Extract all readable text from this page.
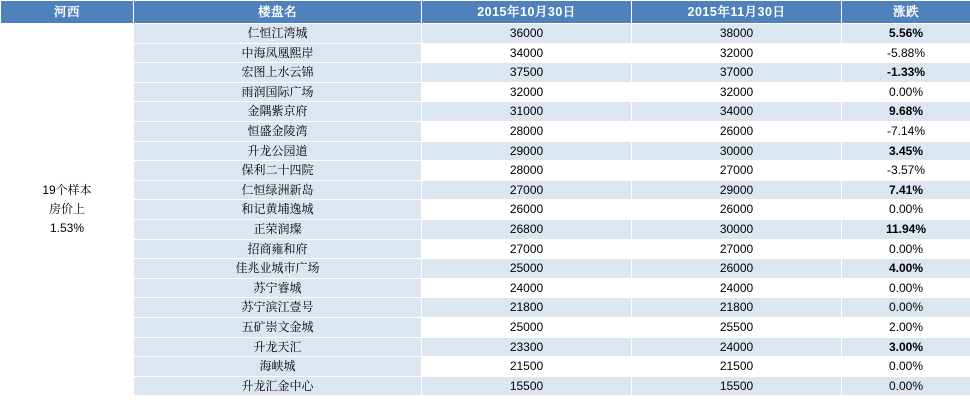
河西	楼盘名	2015年10月30日	2015年11月30日	涨跌

19个样本
房价上
1.53%	仁恒江湾城	36000	38000	5.56%
	中海凤凰熙岸	34000	32000	-5.88%
	宏图上水云锦	37500	37000	-1.33%
	雨润国际广场	32000	32000	0.00%
	金隅紫京府	31000	34000	9.68%
	恒盛金陵湾	28000	26000	-7.14%
	升龙公园道	29000	30000	3.45%
	保利二十四院	28000	27000	-3.57%
	仁恒绿洲新岛	27000	29000	7.41%
	和记黄埔逸城	26000	26000	0.00%
	正荣润璨	26800	30000	11.94%
	招商雍和府	27000	27000	0.00%
	佳兆业城市广场	25000	26000	4.00%
	苏宁睿城	24000	24000	0.00%
	苏宁滨江壹号	21800	21800	0.00%
	五矿崇文金城	25000	25500	2.00%
	升龙天汇	23300	24000	3.00%
	海峡城	21500	21500	0.00%
	升龙汇金中心	15500	15500	0.00%
